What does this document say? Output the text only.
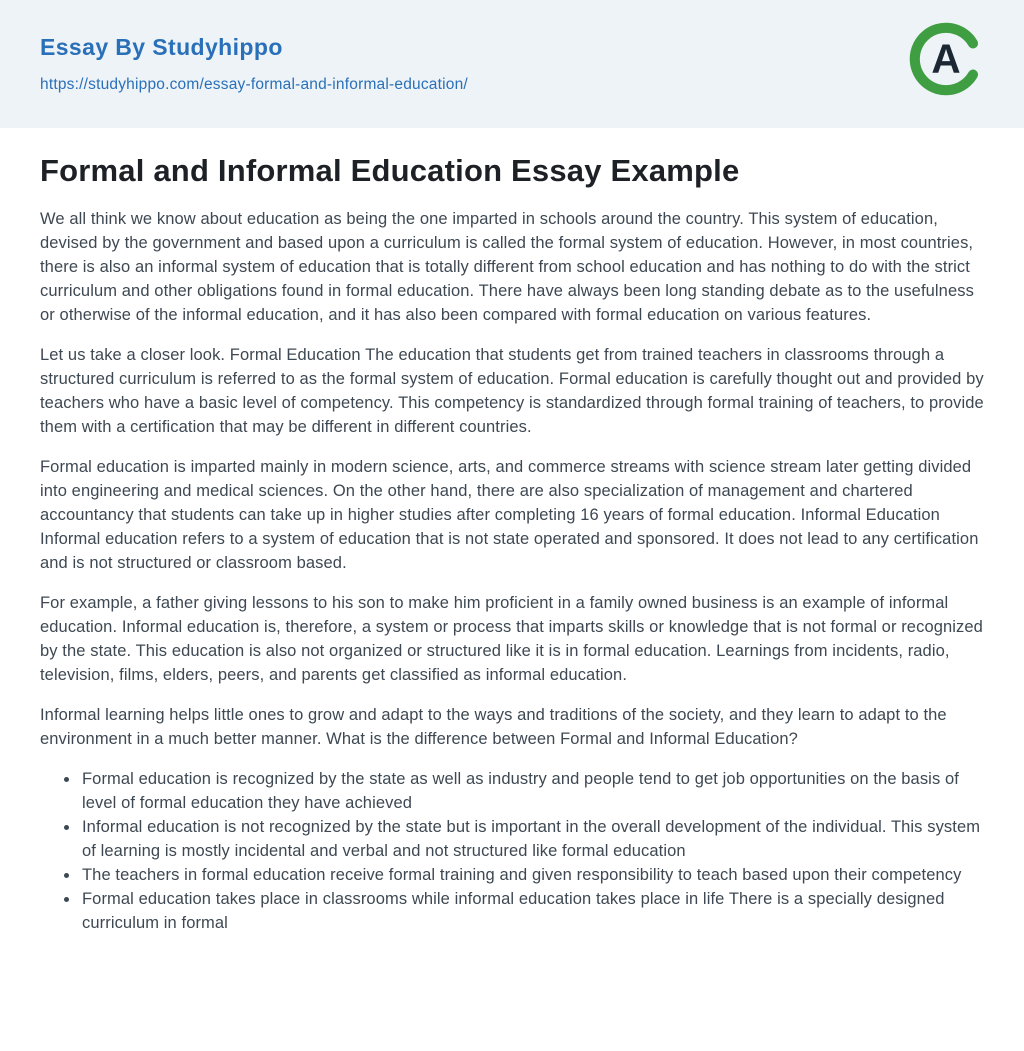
Essay By Studyhippo
https://studyhippo.com/essay-formal-and-informal-education/
A
Formal and Informal Education Essay Example

We all think we know about education as being the one imparted in schools around the country. This system of education, devised by the government and based upon a curriculum is called the formal system of education. However, in most countries, there is also an informal system of education that is totally different from school education and has nothing to do with the strict curriculum and other obligations found in formal education. There have always been long standing debate as to the usefulness or otherwise of the informal education, and it has also been compared with formal education on various features.

Let us take a closer look. Formal Education The education that students get from trained teachers in classrooms through a structured curriculum is referred to as the formal system of education. Formal education is carefully thought out and provided by teachers who have a basic level of competency. This competency is standardized through formal training of teachers, to provide them with a certification that may be different in different countries.

Formal education is imparted mainly in modern science, arts, and commerce streams with science stream later getting divided into engineering and medical sciences. On the other hand, there are also specialization of management and chartered accountancy that students can take up in higher studies after completing 16 years of formal education. Informal Education Informal education refers to a system of education that is not state operated and sponsored. It does not lead to any certification and is not structured or classroom based.

For example, a father giving lessons to his son to make him proficient in a family owned business is an example of informal education. Informal education is, therefore, a system or process that imparts skills or knowledge that is not formal or recognized by the state. This education is also not organized or structured like it is in formal education. Learnings from incidents, radio, television, films, elders, peers, and parents get classified as informal education.

Informal learning helps little ones to grow and adapt to the ways and traditions of the society, and they learn to adapt to the environment in a much better manner. What is the difference between Formal and Informal Education?

• Formal education is recognized by the state as well as industry and people tend to get job opportunities on the basis of level of formal education they have achieved
• Informal education is not recognized by the state but is important in the overall development of the individual. This system of learning is mostly incidental and verbal and not structured like formal education
• The teachers in formal education receive formal training and given responsibility to teach based upon their competency
• Formal education takes place in classrooms while informal education takes place in life There is a specially designed curriculum in formal
